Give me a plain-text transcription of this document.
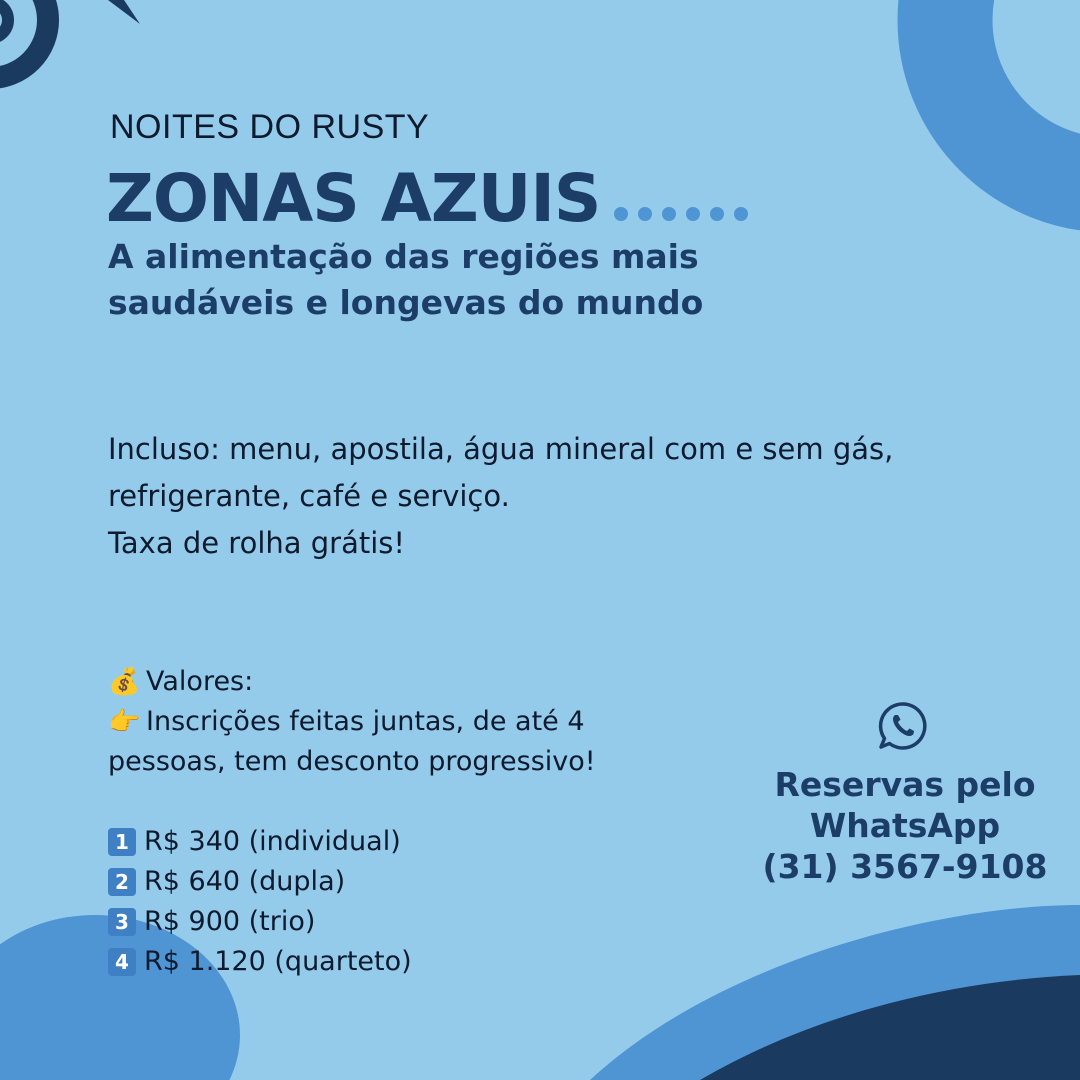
NOITES DO RUSTY
ZONAS AZUIS
A alimentação das regiões mais
saudáveis e longevas do mundo
Incluso: menu, apostila, água mineral com e sem gás,
refrigerante, café e serviço.
Taxa de rolha grátis!
💰 Valores:
👉 Inscrições feitas juntas, de até 4
pessoas, tem desconto progressivo!
1 R$ 340 (individual)
2 R$ 640 (dupla)
3 R$ 900 (trio)
4 R$ 1.120 (quarteto)
Reservas pelo
WhatsApp
(31) 3567-9108
